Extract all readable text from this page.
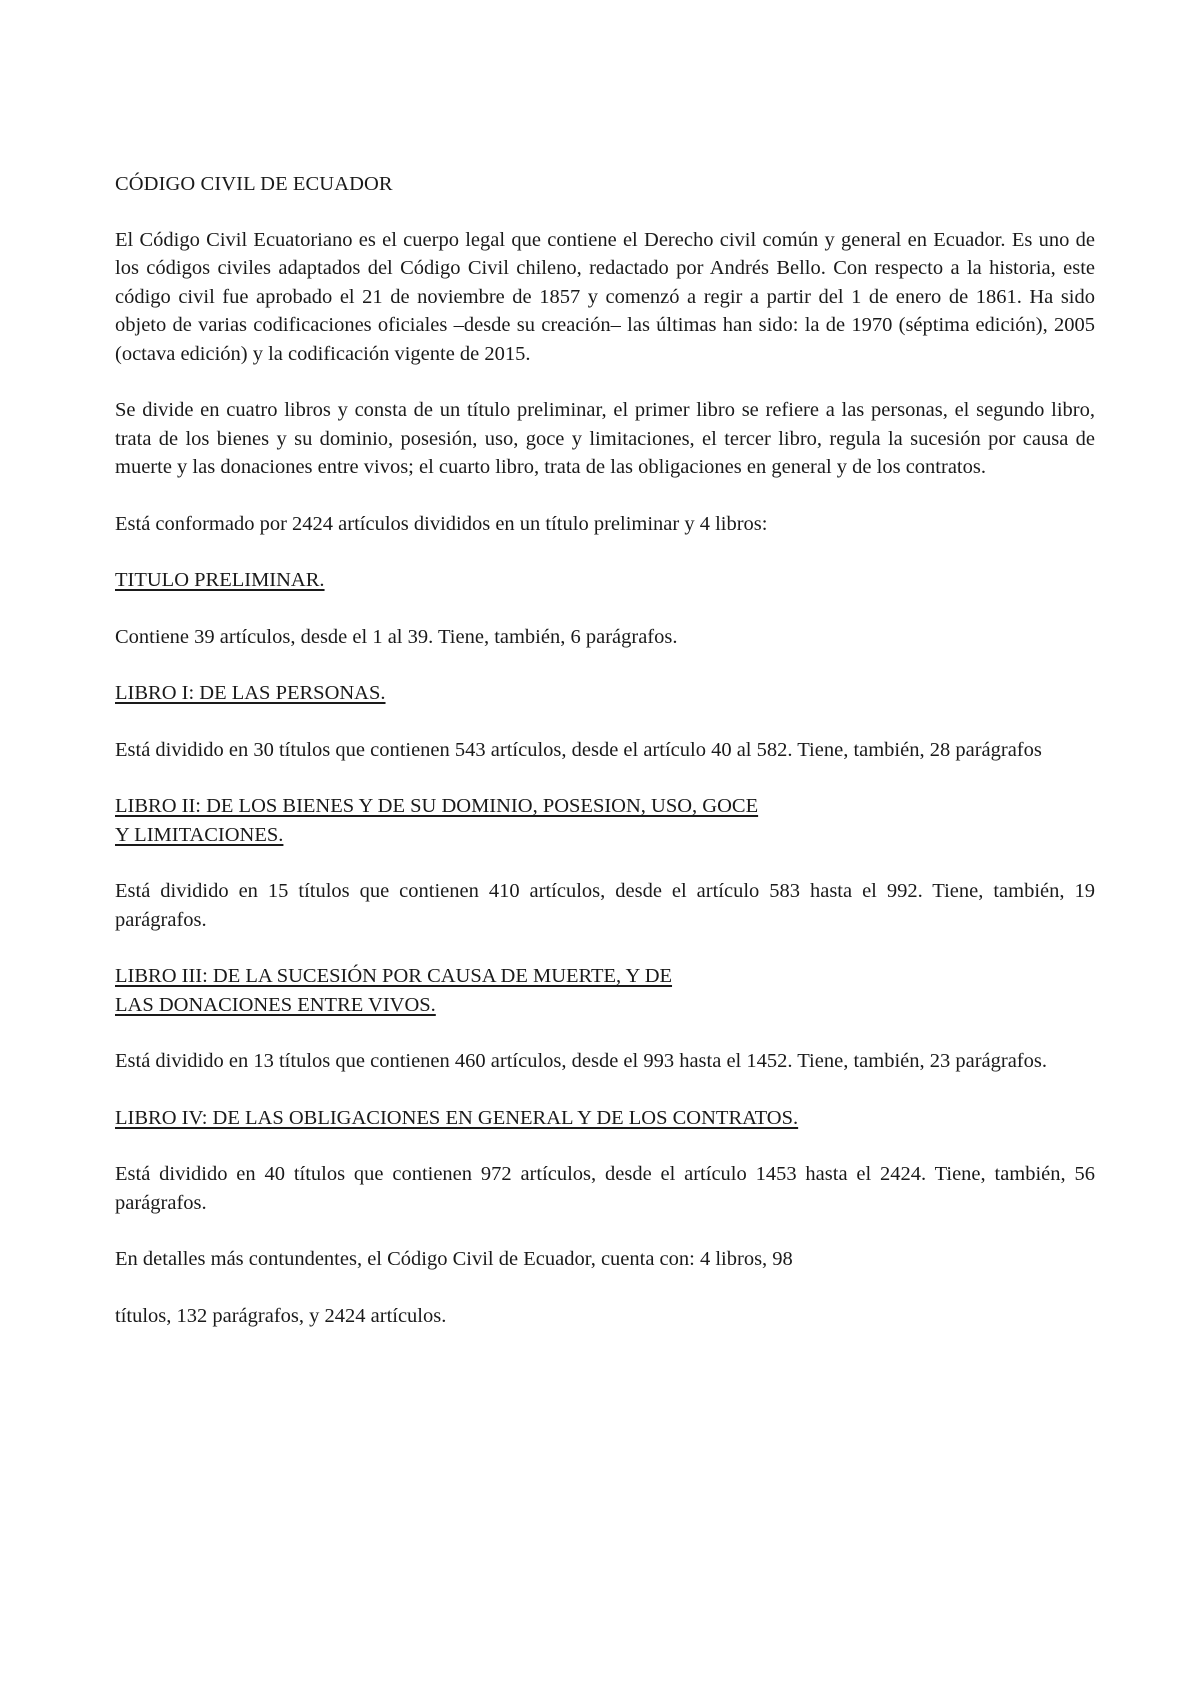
CÓDIGO CIVIL DE ECUADOR

El Código Civil Ecuatoriano es el cuerpo legal que contiene el Derecho civil común y general en Ecuador. Es uno de los códigos civiles adaptados del Código Civil chileno, redactado por Andrés Bello. Con respecto a la historia, este código civil fue aprobado el 21 de noviembre de 1857 y comenzó a regir a partir del 1 de enero de 1861. Ha sido objeto de varias codificaciones oficiales –desde su creación– las últimas han sido: la de 1970 (séptima edición), 2005 (octava edición) y la codificación vigente de 2015.

Se divide en cuatro libros y consta de un título preliminar, el primer libro se refiere a las personas, el segundo libro, trata de los bienes y su dominio, posesión, uso, goce y limitaciones, el tercer libro, regula la sucesión por causa de muerte y las donaciones entre vivos; el cuarto libro, trata de las obligaciones en general y de los contratos.

Está conformado por 2424 artículos divididos en un título preliminar y 4 libros:

TITULO PRELIMINAR.

Contiene 39 artículos, desde el 1 al 39. Tiene, también, 6 parágrafos.

LIBRO I: DE LAS PERSONAS.

Está dividido en 30 títulos que contienen 543 artículos, desde el artículo 40 al 582. Tiene, también, 28 parágrafos

LIBRO II: DE LOS BIENES Y DE SU DOMINIO, POSESION, USO, GOCE
Y LIMITACIONES.

Está dividido en 15 títulos que contienen 410 artículos, desde el artículo 583 hasta el 992. Tiene, también, 19 parágrafos.

LIBRO III: DE LA SUCESIÓN POR CAUSA DE MUERTE, Y DE
LAS DONACIONES ENTRE VIVOS.

Está dividido en 13 títulos que contienen 460 artículos, desde el 993 hasta el 1452. Tiene, también, 23 parágrafos.

LIBRO IV: DE LAS OBLIGACIONES EN GENERAL Y DE LOS CONTRATOS.

Está dividido en 40 títulos que contienen 972 artículos, desde el artículo 1453 hasta el 2424. Tiene, también, 56 parágrafos.

En detalles más contundentes, el Código Civil de Ecuador, cuenta con: 4 libros, 98

títulos, 132 parágrafos, y 2424 artículos.
